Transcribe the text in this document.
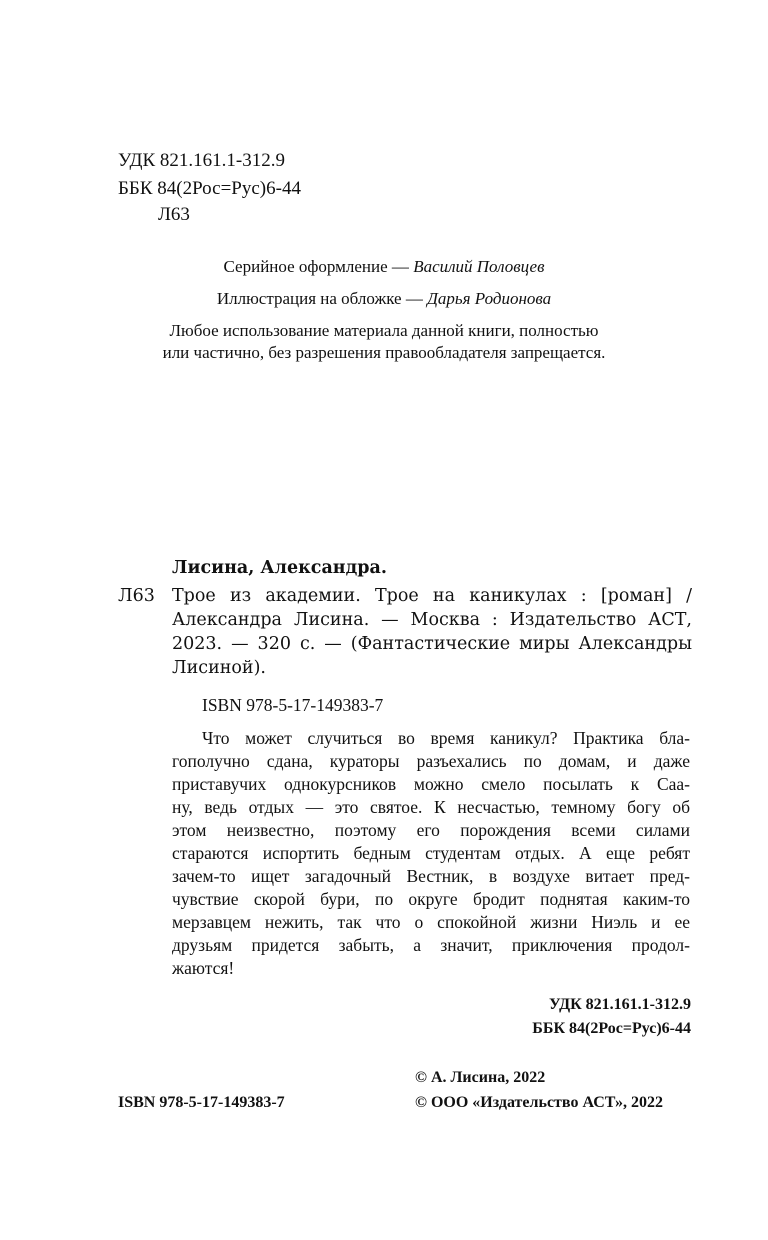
УДК 821.161.1-312.9
ББК 84(2Рос=Рус)6-44
Л63
Серийное оформление — Василий Половцев
Иллюстрация на обложке — Дарья Родионова
Любое использование материала данной книги, полностью
или частично, без разрешения правообладателя запрещается.
Лисина, Александра.
Л63 Трое из академии. Трое на каникулах : [роман] /
Александра Лисина. — Москва : Издательство АСТ,
2023. — 320 с. — (Фантастические миры Александры
Лисиной).
ISBN 978-5-17-149383-7
Что может случиться во время каникул? Практика бла-
гополучно сдана, кураторы разъехались по домам, и даже
приставучих однокурсников можно смело посылать к Саа-
ну, ведь отдых — это святое. К несчастью, темному богу об
этом неизвестно, поэтому его порождения всеми силами
стараются испортить бедным студентам отдых. А еще ребят
зачем-то ищет загадочный Вестник, в воздухе витает пред-
чувствие скорой бури, по округе бродит поднятая каким-то
мерзавцем нежить, так что о спокойной жизни Ниэль и ее
друзьям придется забыть, а значит, приключения продол-
жаются!
УДК 821.161.1-312.9
ББК 84(2Рос=Рус)6-44
© А. Лисина, 2022
ISBN 978-5-17-149383-7	© ООО «Издательство АСТ», 2022
